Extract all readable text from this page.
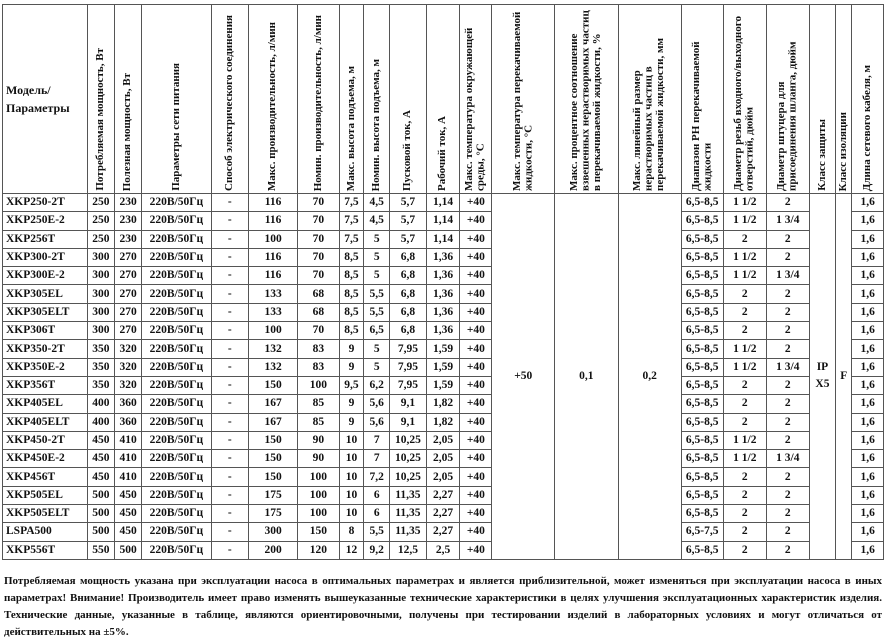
Модель/ Параметры	Потребляемая мощность, Вт	Полезная мощность, Вт	Параметры сети питания	Способ электрического соединения	Макс. производительность, л/мин	Номин. производительность, л/мин	Макс. высота подъема, м	Номин. высота подъема, м	Пусковой ток, А	Рабочий ток, А	Макс. температура окружающей среды, °С	Макс. температура перекачиваемой жидкости, °С	Макс. процентное соотношение взвешенных нерастворимых частиц в перекачиваемой жидкости, %	Макс. линейный размер нерастворимых частиц в перекачиваемой жидкости, мм	Диапазон PH перекачиваемой жидкости	Диаметр резьб входного/выходного отверстий, дюйм	Диаметр штуцера для присоединения шланга, дюйм	Класс защиты	Класс изоляции	Длина сетевого кабеля, м

XKP250-2T	250	230	220В/50Гц	-	116	70	7,5	4,5	5,7	1,14	+40	+50	0,1	0,2	6,5-8,5	1 1/2	2	IP X5	F	1,6
XKP250E-2	250	230	220В/50Гц	-	116	70	7,5	4,5	5,7	1,14	+40				6,5-8,5	1 1/2	1 3/4			1,6
XKP256T	250	230	220В/50Гц	-	100	70	7,5	5	5,7	1,14	+40				6,5-8,5	2	2			1,6
XKP300-2T	300	270	220В/50Гц	-	116	70	8,5	5	6,8	1,36	+40				6,5-8,5	1 1/2	2			1,6
XKP300E-2	300	270	220В/50Гц	-	116	70	8,5	5	6,8	1,36	+40				6,5-8,5	1 1/2	1 3/4			1,6
XKP305EL	300	270	220В/50Гц	-	133	68	8,5	5,5	6,8	1,36	+40				6,5-8,5	2	2			1,6
XKP305ELT	300	270	220В/50Гц	-	133	68	8,5	5,5	6,8	1,36	+40				6,5-8,5	2	2			1,6
XKP306T	300	270	220В/50Гц	-	100	70	8,5	6,5	6,8	1,36	+40				6,5-8,5	2	2			1,6
XKP350-2T	350	320	220В/50Гц	-	132	83	9	5	7,95	1,59	+40				6,5-8,5	1 1/2	2			1,6
XKP350E-2	350	320	220В/50Гц	-	132	83	9	5	7,95	1,59	+40				6,5-8,5	1 1/2	1 3/4			1,6
XKP356T	350	320	220В/50Гц	-	150	100	9,5	6,2	7,95	1,59	+40				6,5-8,5	2	2			1,6
XKP405EL	400	360	220В/50Гц	-	167	85	9	5,6	9,1	1,82	+40				6,5-8,5	2	2			1,6
XKP405ELT	400	360	220В/50Гц	-	167	85	9	5,6	9,1	1,82	+40				6,5-8,5	2	2			1,6
XKP450-2T	450	410	220В/50Гц	-	150	90	10	7	10,25	2,05	+40				6,5-8,5	1 1/2	2			1,6
XKP450E-2	450	410	220В/50Гц	-	150	90	10	7	10,25	2,05	+40				6,5-8,5	1 1/2	1 3/4			1,6
XKP456T	450	410	220В/50Гц	-	150	100	10	7,2	10,25	2,05	+40				6,5-8,5	2	2			1,6
XKP505EL	500	450	220В/50Гц	-	175	100	10	6	11,35	2,27	+40				6,5-8,5	2	2			1,6
XKP505ELT	500	450	220В/50Гц	-	175	100	10	6	11,35	2,27	+40				6,5-8,5	2	2			1,6
LSPA500	500	450	220В/50Гц	-	300	150	8	5,5	11,35	2,27	+40				6,5-7,5	2	2			1,6
XKP556T	550	500	220В/50Гц	-	200	120	12	9,2	12,5	2,5	+40				6,5-8,5	2	2			1,6
Потребляемая мощность указана при эксплуатации насоса в оптимальных параметрах и является приблизительной, может изменяться при эксплуатации насоса в иных параметрах! Внимание! Производитель имеет право изменять вышеуказанные технические характеристики в целях улучшения эксплуатационных характеристик изделия. Технические данные, указанные в таблице, являются ориентировочными, получены при тестировании изделий в лабораторных условиях и могут отличаться от действительных на ±5%.
